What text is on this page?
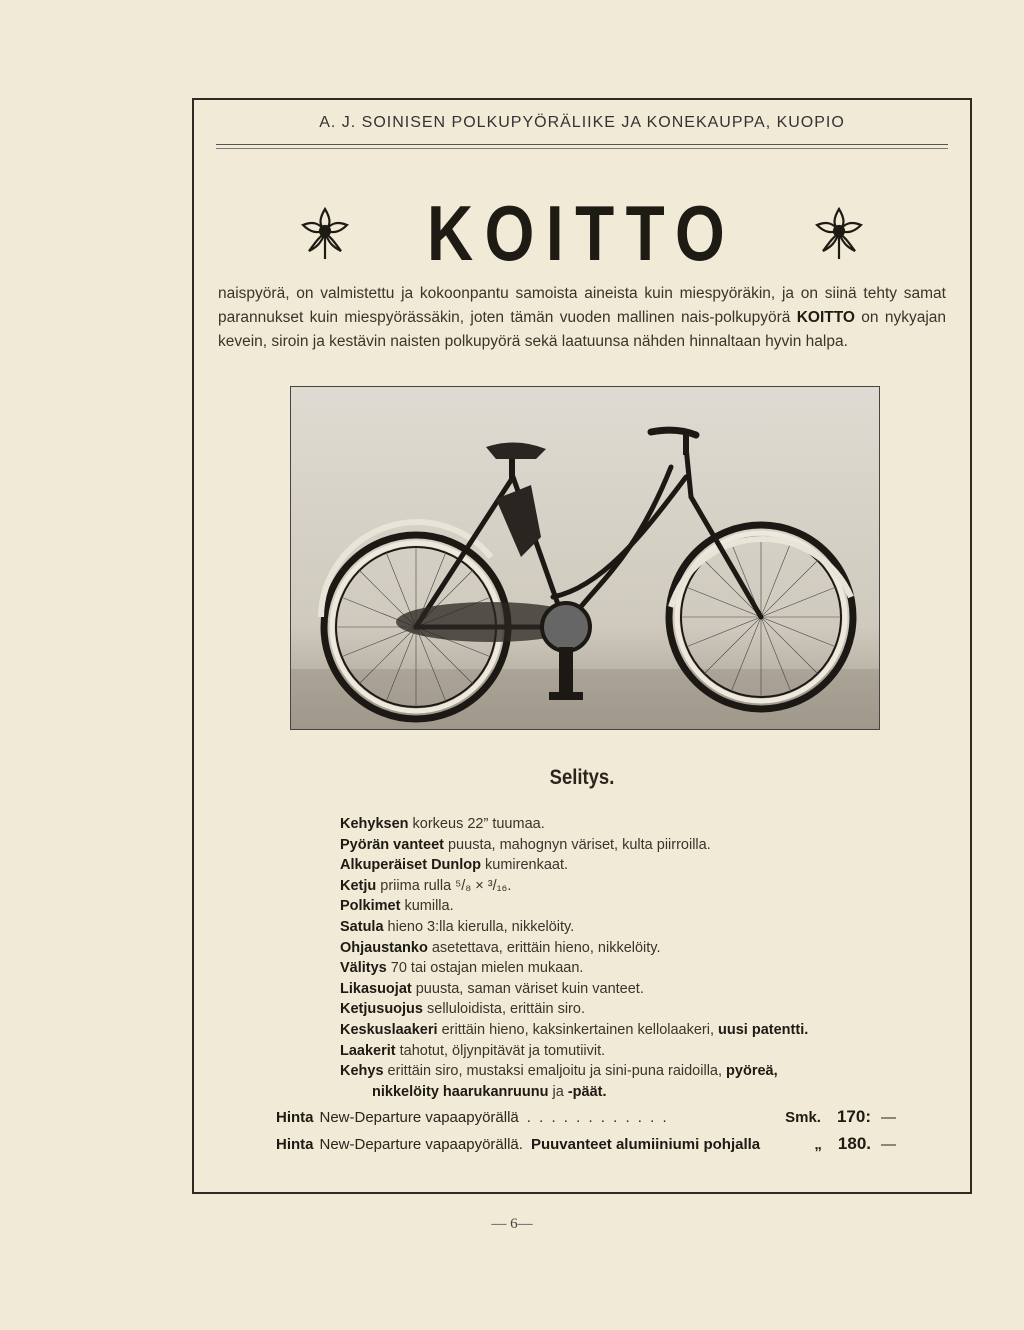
A. J. SOINISEN POLKUPYÖRÄLIIKE JA KONEKAUPPA, KUOPIO
KOITTO
naispyörä, on valmistettu ja kokoonpantu samoista aineista kuin miespyöräkin, ja on siinä tehty samat parannukset kuin miespyörässäkin, joten tämän vuoden mallinen nais-polkupyörä KOITTO on nykyajan kevein, siroin ja kestävin naisten polkupyörä sekä laatuunsa nähden hinnaltaan hyvin halpa.
Selitys.
Kehyksen korkeus 22” tuumaa.
Pyörän vanteet puusta, mahognyn väriset, kulta piirroilla.
Alkuperäiset Dunlop kumirenkaat.
Ketju priima rulla ⁵/₈ × ³/₁₆.
Polkimet kumilla.
Satula hieno 3:lla kierulla, nikkelöity.
Ohjaustanko asetettava, erittäin hieno, nikkelöity.
Välitys 70 tai ostajan mielen mukaan.
Likasuojat puusta, saman väriset kuin vanteet.
Ketjusuojus selluloidista, erittäin siro.
Keskuslaakeri erittäin hieno, kaksinkertainen kellolaakeri, uusi patentti.
Laakerit tahotut, öljynpitävät ja tomutiivit.
Kehys erittäin siro, mustaksi emaljoitu ja sini-puna raidoilla, pyöreä,
nikkelöity haarukanruunu ja -päät.
Hinta New-Departure vapaapyörällä . . . . . . . . . . . .	Smk. 170: —
Hinta New-Departure vapaapyörällä. Puuvanteet alumiiniumi pohjalla	„ 180. —
— 6—
